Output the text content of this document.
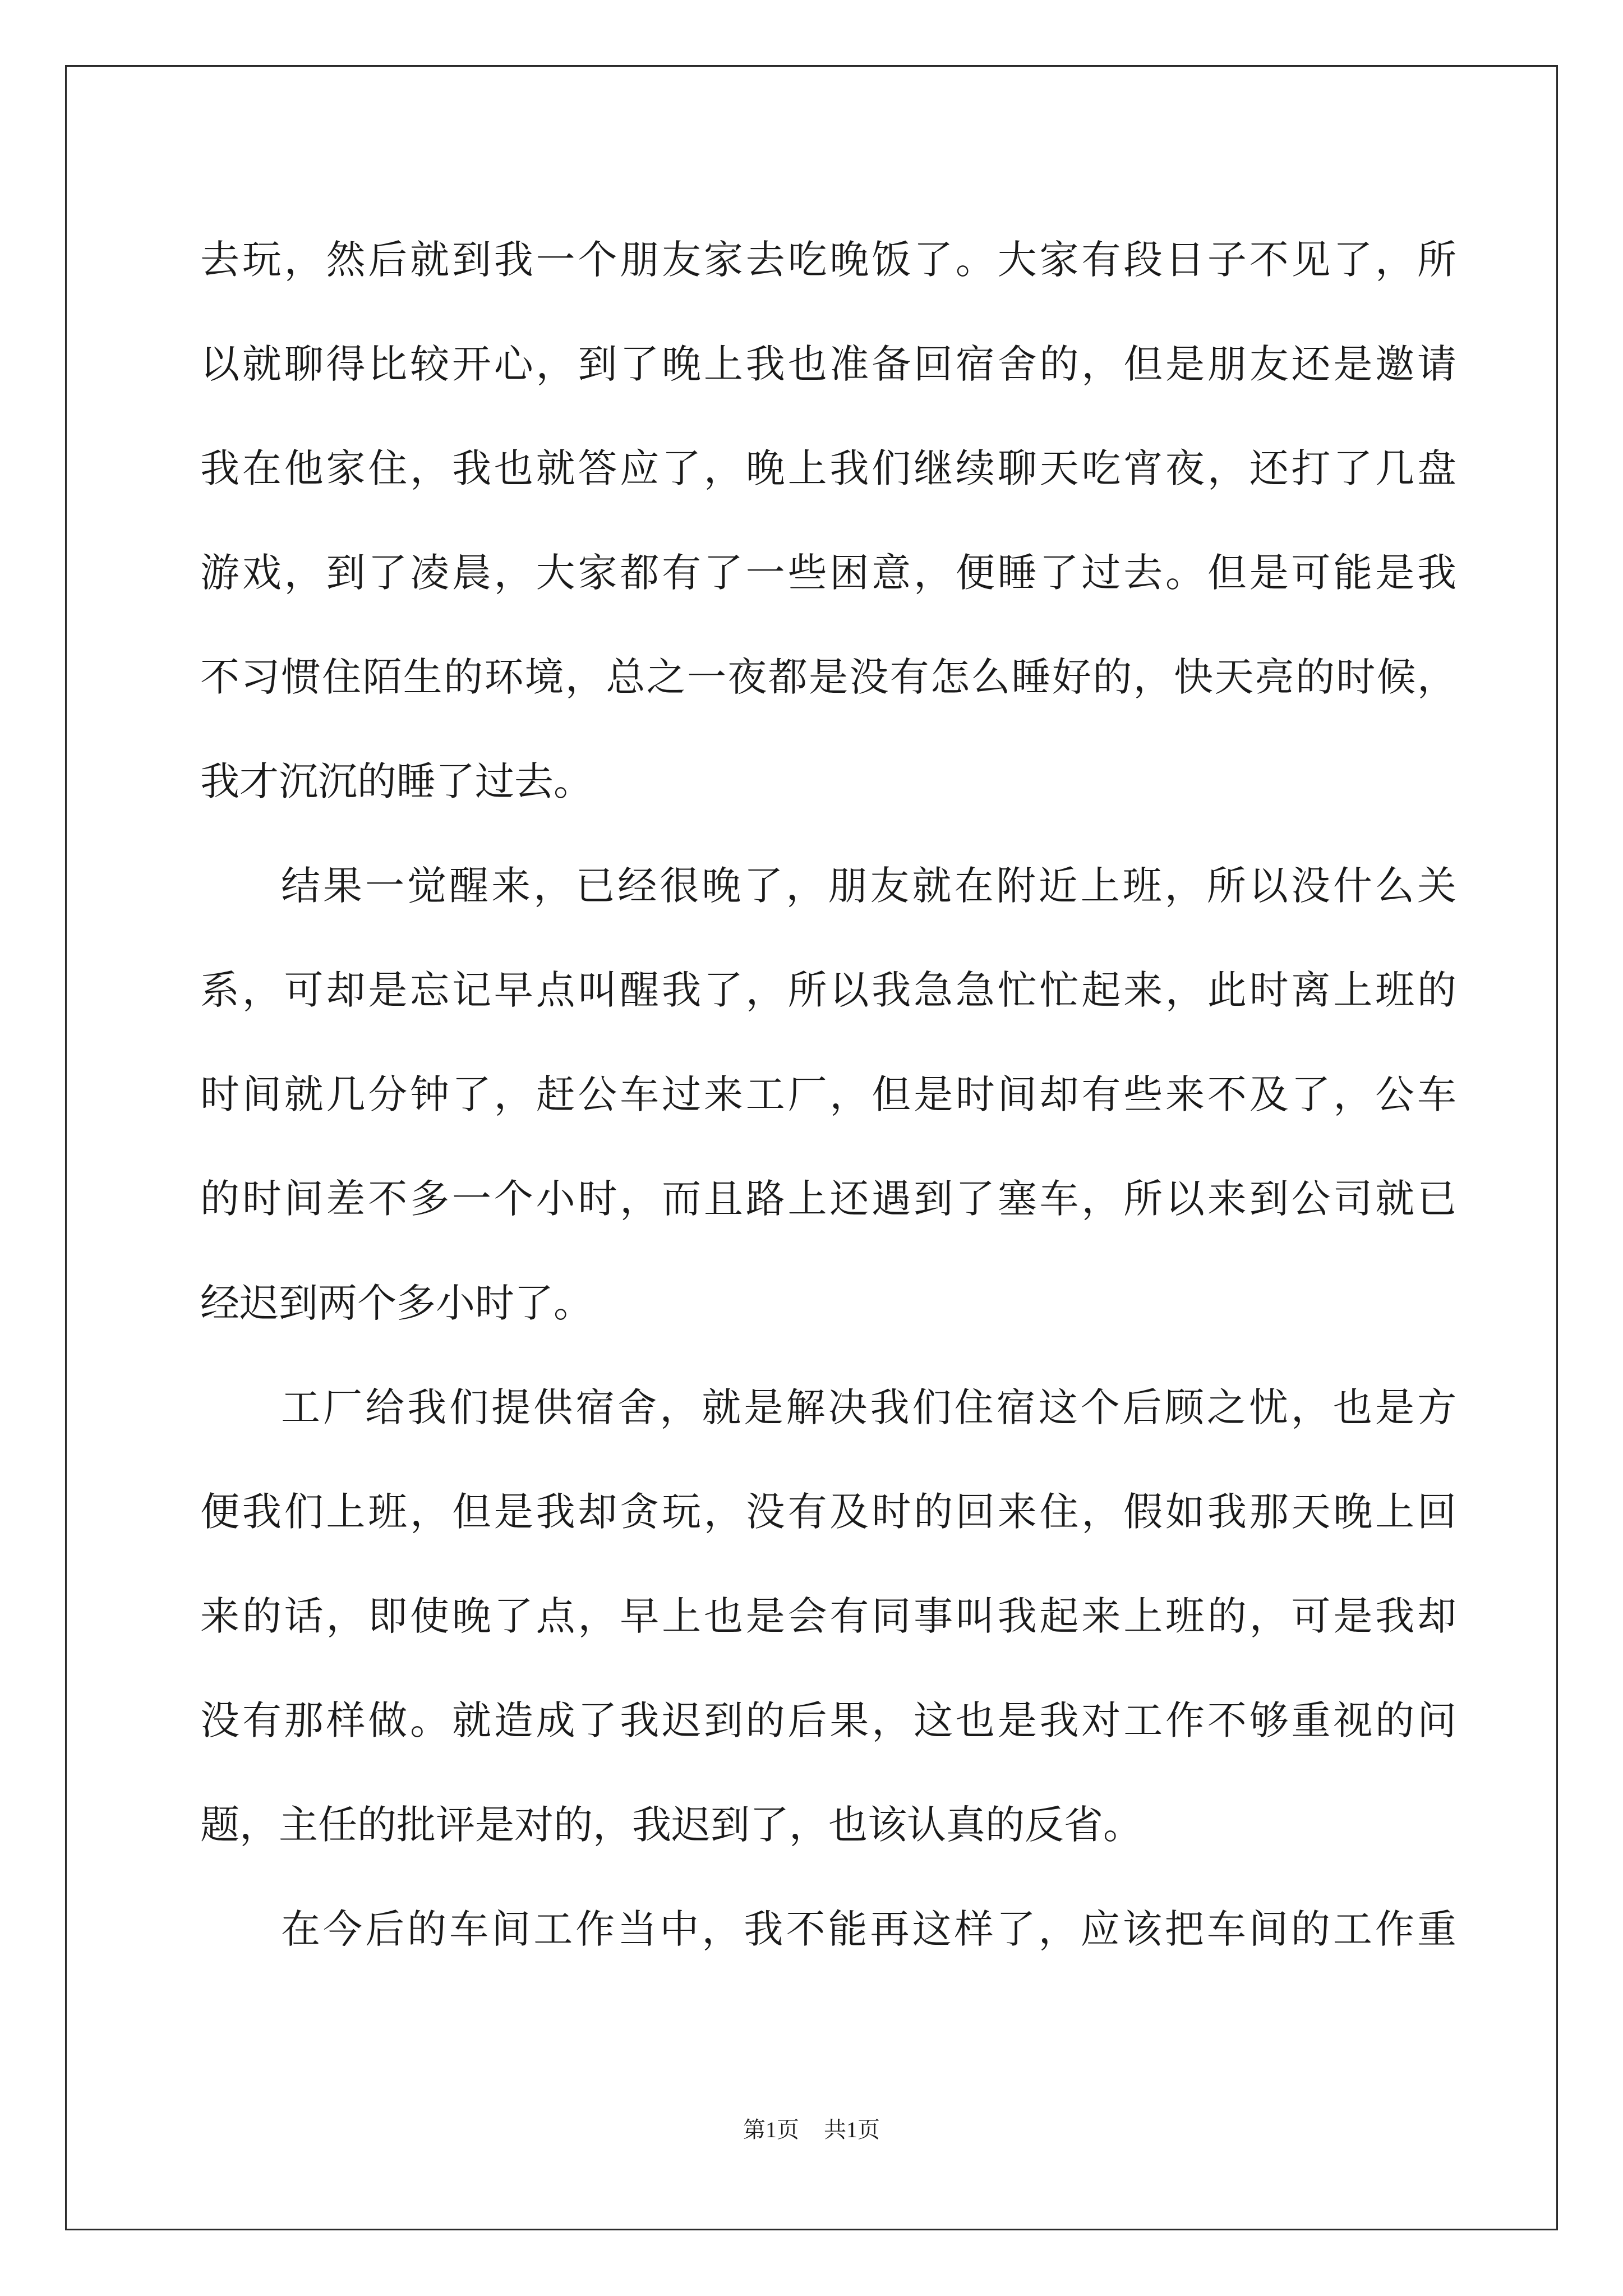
去玩，然后就到我一个朋友家去吃晚饭了。大家有段日子不见了，所
以就聊得比较开心，到了晚上我也准备回宿舍的，但是朋友还是邀请
我在他家住，我也就答应了，晚上我们继续聊天吃宵夜，还打了几盘
游戏，到了凌晨，大家都有了一些困意，便睡了过去。但是可能是我
不习惯住陌生的环境，总之一夜都是没有怎么睡好的，快天亮的时候，
我才沉沉的睡了过去。
结果一觉醒来，已经很晚了，朋友就在附近上班，所以没什么关
系，可却是忘记早点叫醒我了，所以我急急忙忙起来，此时离上班的
时间就几分钟了，赶公车过来工厂，但是时间却有些来不及了，公车
的时间差不多一个小时，而且路上还遇到了塞车，所以来到公司就已
经迟到两个多小时了。
工厂给我们提供宿舍，就是解决我们住宿这个后顾之忧，也是方
便我们上班，但是我却贪玩，没有及时的回来住，假如我那天晚上回
来的话，即使晚了点，早上也是会有同事叫我起来上班的，可是我却
没有那样做。就造成了我迟到的后果，这也是我对工作不够重视的问
题，主任的批评是对的，我迟到了，也该认真的反省。
在今后的车间工作当中，我不能再这样了，应该把车间的工作重
第1页 共1页
